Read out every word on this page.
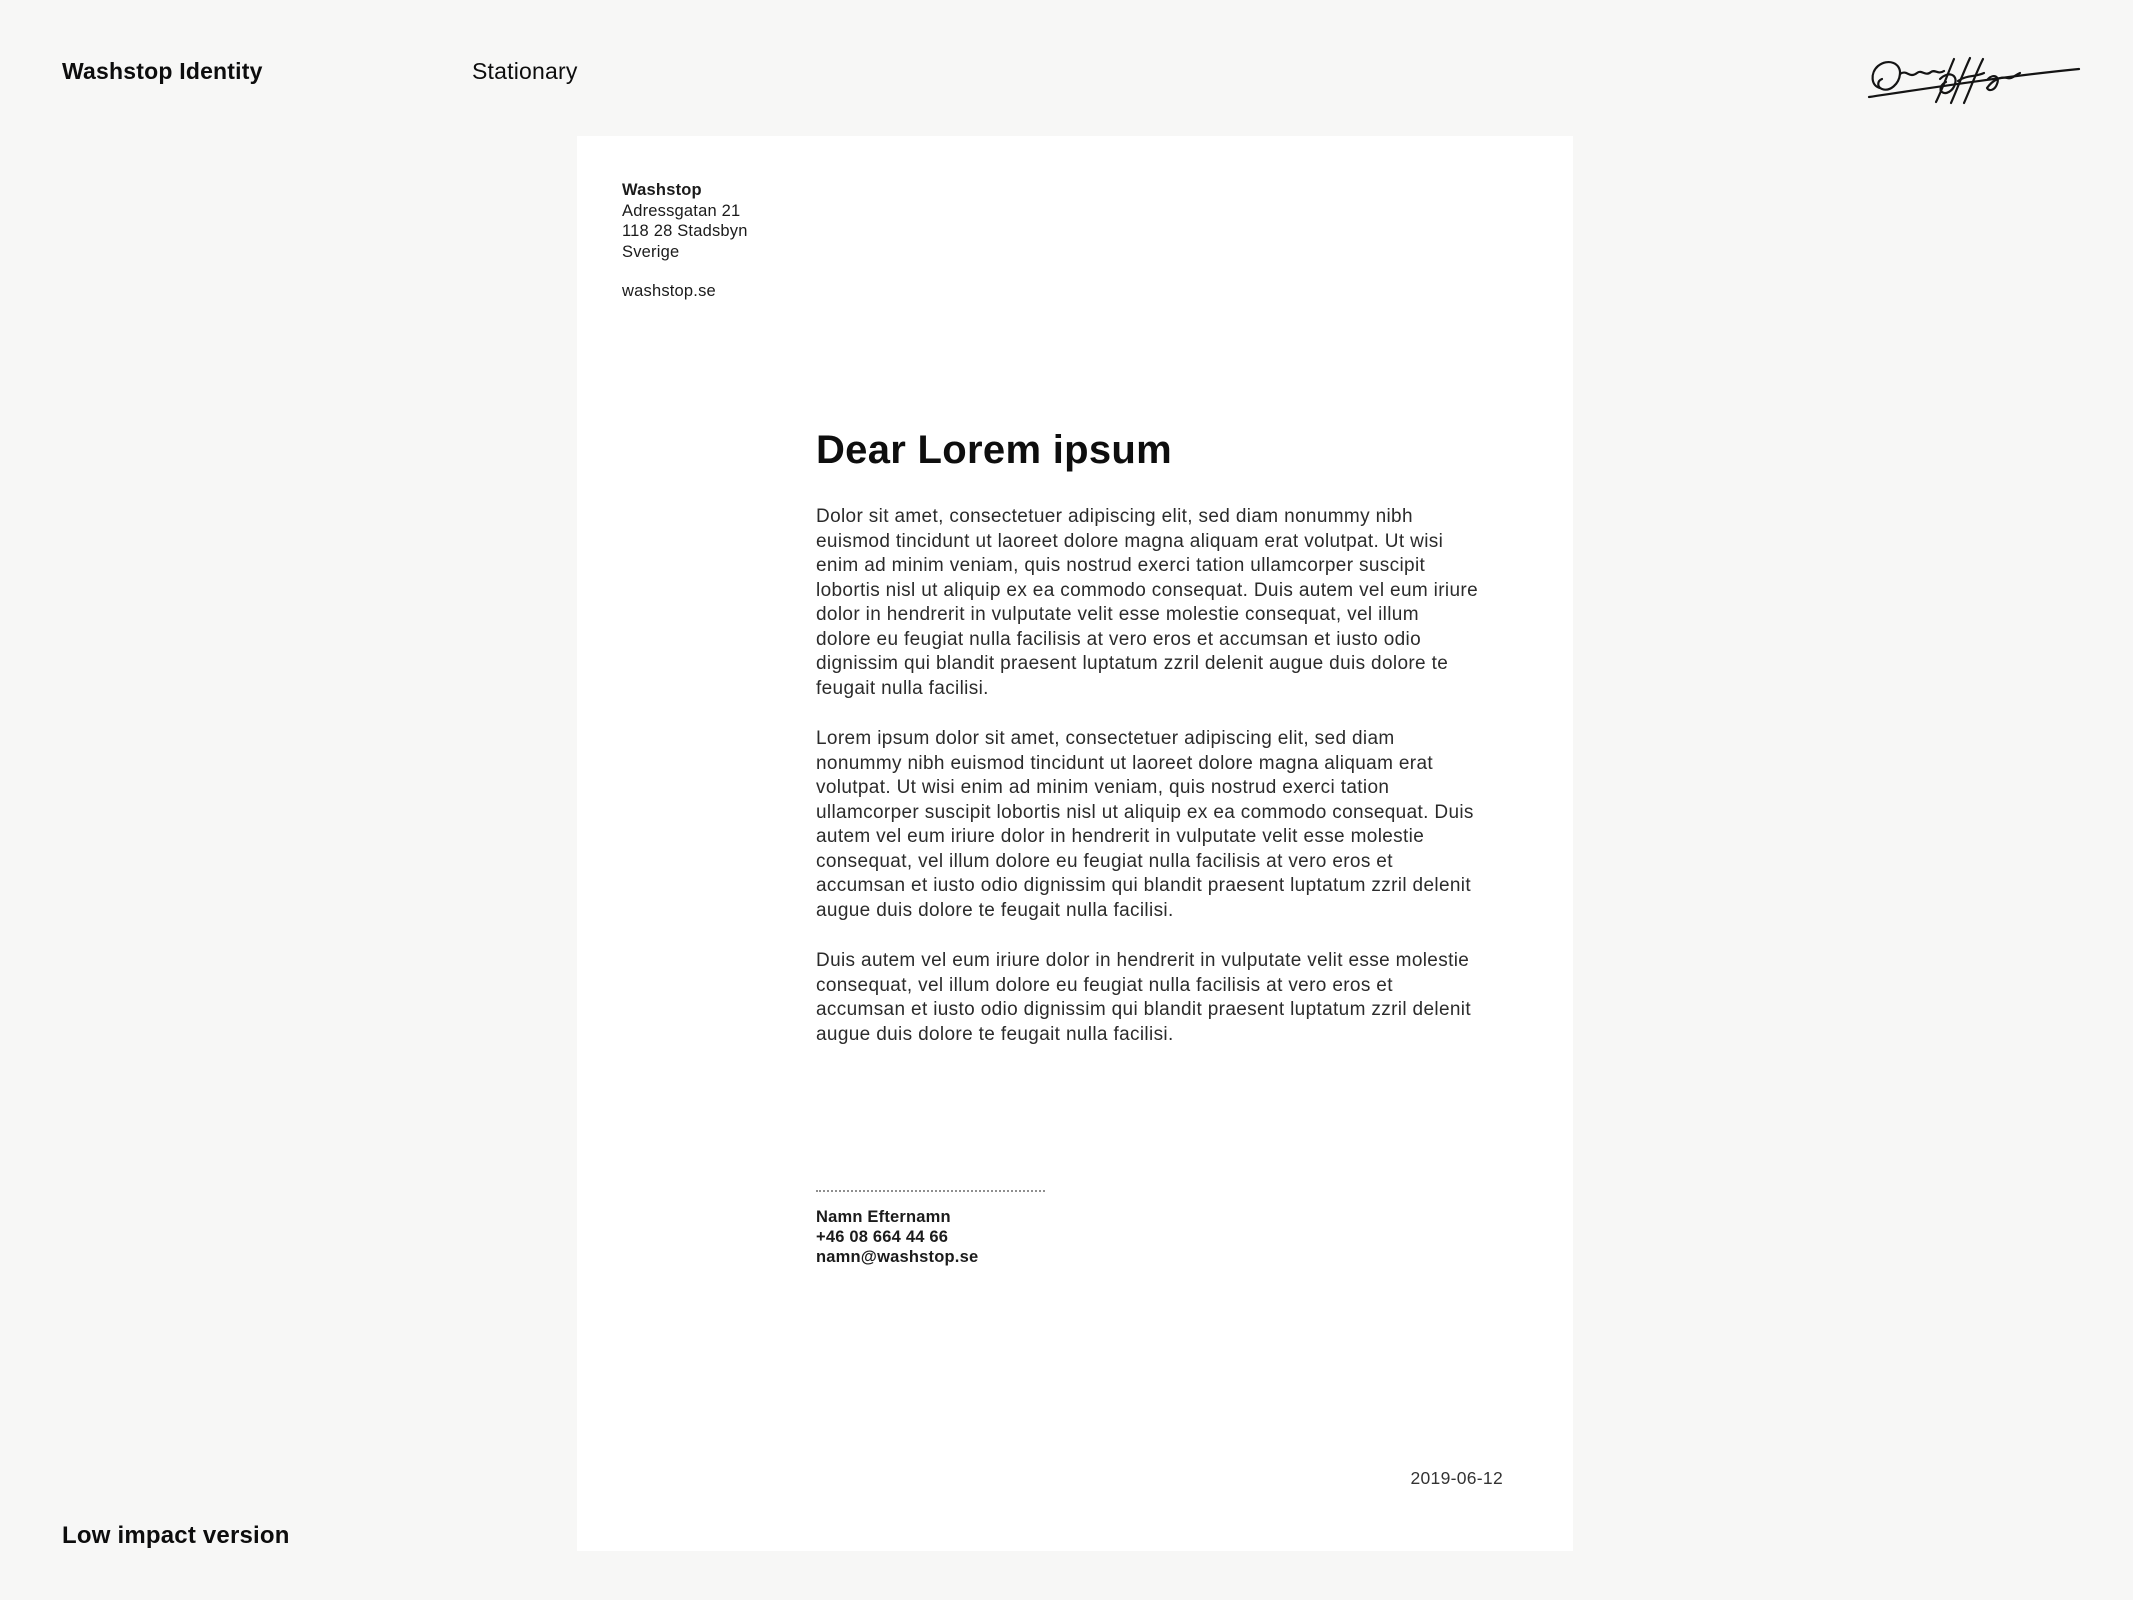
Washstop Identity	Stationary
Washstop
Adressgatan 21
118 28 Stadsbyn
Sverige
washstop.se
Dear Lorem ipsum

Dolor sit amet, consectetuer adipiscing elit, sed diam nonummy nibh euismod tincidunt ut laoreet dolore magna aliquam erat volutpat. Ut wisi enim ad minim veniam, quis nostrud exerci tation ullamcorper suscipit lobortis nisl ut aliquip ex ea commodo consequat. Duis autem vel eum iriure dolor in hendrerit in vulputate velit esse molestie consequat, vel illum dolore eu feugiat nulla facilisis at vero eros et accumsan et iusto odio dignissim qui blandit praesent luptatum zzril delenit augue duis dolore te feugait nulla facilisi.

Lorem ipsum dolor sit amet, consectetuer adipiscing elit, sed diam nonummy nibh euismod tincidunt ut laoreet dolore magna aliquam erat volutpat. Ut wisi enim ad minim veniam, quis nostrud exerci tation ullamcorper suscipit lobortis nisl ut aliquip ex ea commodo consequat. Duis autem vel eum iriure dolor in hendrerit in vulputate velit esse molestie consequat, vel illum dolore eu feugiat nulla facilisis at vero eros et accumsan et iusto odio dignissim qui blandit praesent luptatum zzril delenit augue duis dolore te feugait nulla facilisi.

Duis autem vel eum iriure dolor in hendrerit in vulputate velit esse molestie consequat, vel illum dolore eu feugiat nulla facilisis at vero eros et accumsan et iusto odio dignissim qui blandit praesent luptatum zzril delenit augue duis dolore te feugait nulla facilisi.

Namn Efternamn
+46 08 664 44 66
namn@washstop.se
2019-06-12
Low impact version
